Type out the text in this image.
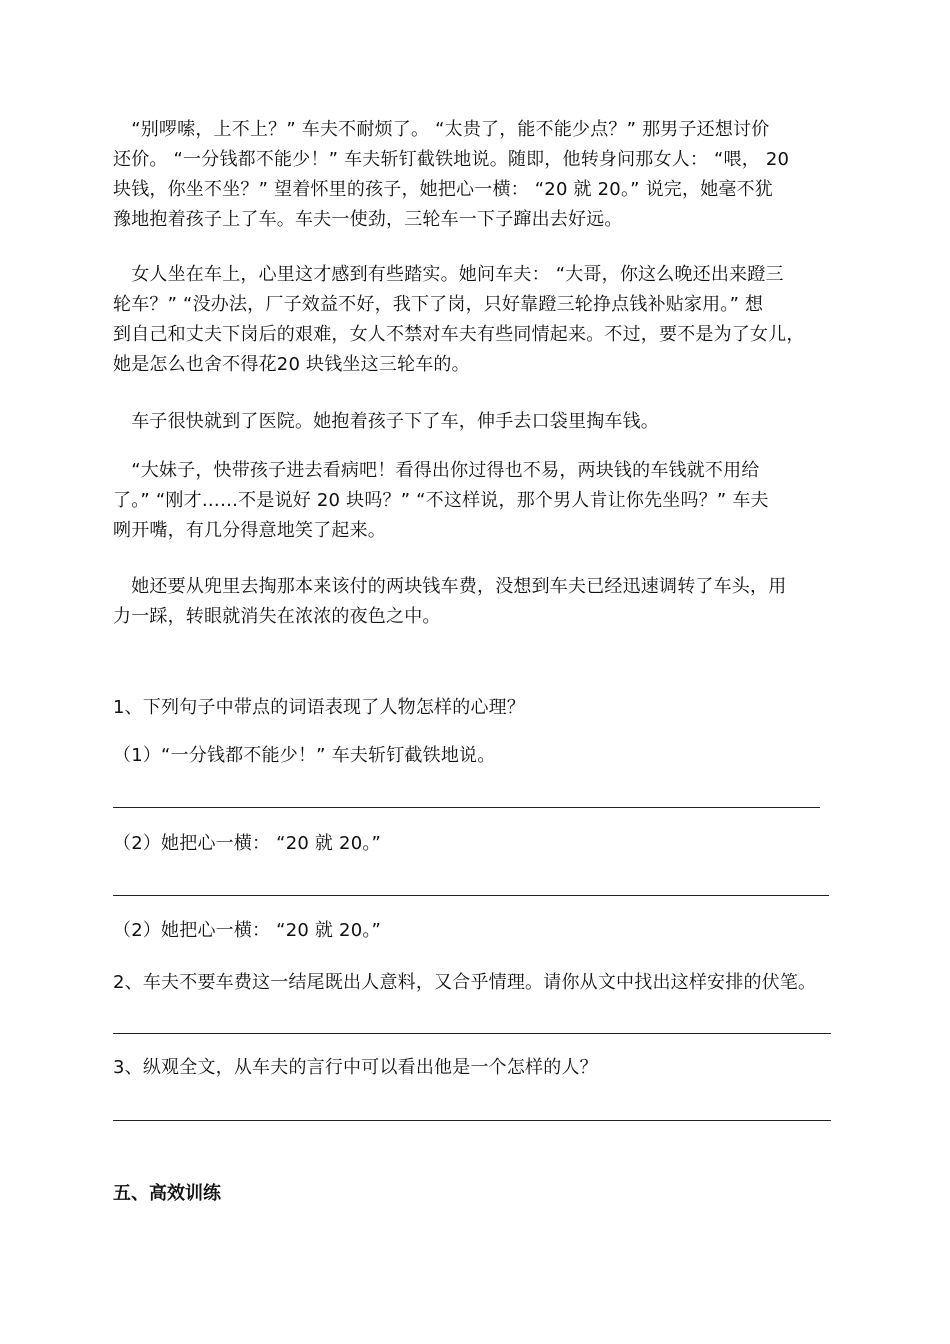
　“别啰嗦，上不上？” 车夫不耐烦了。 “太贵了，能不能少点？” 那男子还想讨价
还价。 “一分钱都不能少！” 车夫斩钉截铁地说。随即，他转身问那女人： “喂， 20
块钱，你坐不坐？” 望着怀里的孩子，她把心一横： “20 就 20。” 说完，她毫不犹
豫地抱着孩子上了车。车夫一使劲，三轮车一下子蹿出去好远。
　女人坐在车上，心里这才感到有些踏实。她问车夫： “大哥，你这么晚还出来蹬三
轮车？” “没办法，厂子效益不好，我下了岗，只好靠蹬三轮挣点钱补贴家用。” 想
到自己和丈夫下岗后的艰难，女人不禁对车夫有些同情起来。不过，要不是为了女儿，
她是怎么也舍不得花20 块钱坐这三轮车的。
　车子很快就到了医院。她抱着孩子下了车，伸手去口袋里掏车钱。
　“大妹子，快带孩子进去看病吧！看得出你过得也不易，两块钱的车钱就不用给
了。” “刚才……不是说好 20 块吗？” “不这样说，那个男人肯让你先坐吗？” 车夫
咧开嘴，有几分得意地笑了起来。
　她还要从兜里去掏那本来该付的两块钱车费，没想到车夫已经迅速调转了车头，用
力一踩，转眼就消失在浓浓的夜色之中。

1、下列句子中带点的词语表现了人物怎样的心理？

（1）“一分钱都不能少！” 车夫斩钉截铁地说。

（2）她把心一横： “20 就 20。”

（2）她把心一横： “20 就 20。”

2、车夫不要车费这一结尾既出人意料，又合乎情理。请你从文中找出这样安排的伏笔。

3、纵观全文，从车夫的言行中可以看出他是一个怎样的人？

五、高效训练
